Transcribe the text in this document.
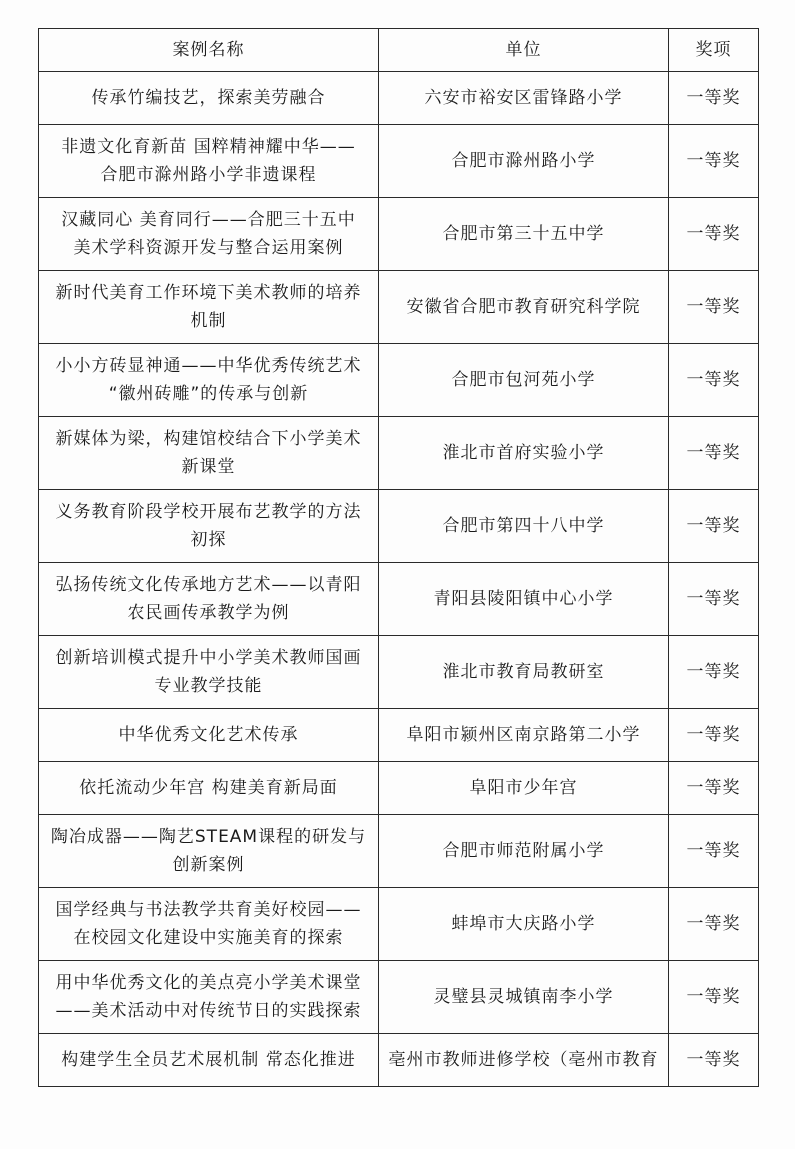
案例名称	单位	奖项

传承竹编技艺，探索美劳融合	六安市裕安区雷锋路小学	一等奖

非遗文化育新苗 国粹精神耀中华——
合肥市滁州路小学非遗课程	合肥市滁州路小学	一等奖

汉藏同心 美育同行——合肥三十五中
美术学科资源开发与整合运用案例	合肥市第三十五中学	一等奖

新时代美育工作环境下美术教师的培养
机制	安徽省合肥市教育研究科学院	一等奖

小小方砖显神通——中华优秀传统艺术
“徽州砖雕”的传承与创新	合肥市包河苑小学	一等奖

新媒体为梁，构建馆校结合下小学美术
新课堂	淮北市首府实验小学	一等奖

义务教育阶段学校开展布艺教学的方法
初探	合肥市第四十八中学	一等奖

弘扬传统文化传承地方艺术——以青阳
农民画传承教学为例	青阳县陵阳镇中心小学	一等奖

创新培训模式提升中小学美术教师国画
专业教学技能	淮北市教育局教研室	一等奖

中华优秀文化艺术传承	阜阳市颍州区南京路第二小学	一等奖

依托流动少年宫 构建美育新局面	阜阳市少年宫	一等奖

陶冶成器——陶艺STEAM课程的研发与
创新案例	合肥市师范附属小学	一等奖

国学经典与书法教学共育美好校园——
在校园文化建设中实施美育的探索	蚌埠市大庆路小学	一等奖

用中华优秀文化的美点亮小学美术课堂
——美术活动中对传统节日的实践探索	灵璧县灵城镇南李小学	一等奖

构建学生全员艺术展机制 常态化推进	亳州市教师进修学校（亳州市教育	一等奖
